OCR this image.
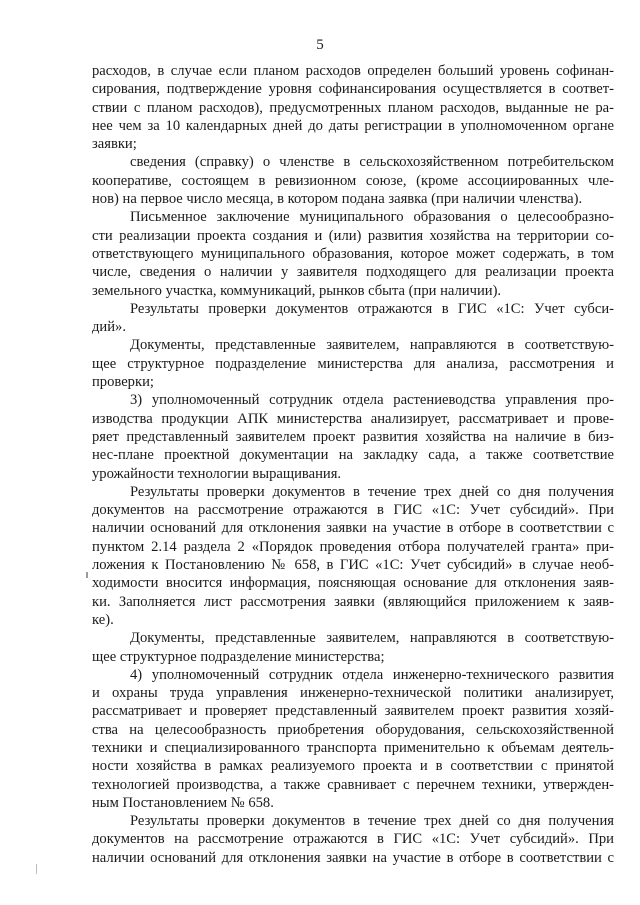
5
расходов, в случае если планом расходов определен больший уровень софинан-
сирования, подтверждение уровня софинансирования осуществляется в соответ-
ствии с планом расходов), предусмотренных планом расходов, выданные не ра-
нее чем за 10 календарных дней до даты регистрации в уполномоченном органе
заявки;
сведения (справку) о членстве в сельскохозяйственном потребительском
кооперативе, состоящем в ревизионном союзе, (кроме ассоциированных чле-
нов) на первое число месяца, в котором подана заявка (при наличии членства).
Письменное заключение муниципального образования о целесообразно-
сти реализации проекта создания и (или) развития хозяйства на территории со-
ответствующего муниципального образования, которое может содержать, в том
числе, сведения о наличии у заявителя подходящего для реализации проекта
земельного участка, коммуникаций, рынков сбыта (при наличии).
Результаты проверки документов отражаются в ГИС «1С: Учет субси-
дий».
Документы, представленные заявителем, направляются в соответствую-
щее структурное подразделение министерства для анализа, рассмотрения и
проверки;
3) уполномоченный сотрудник отдела растениеводства управления про-
изводства продукции АПК министерства анализирует, рассматривает и прове-
ряет представленный заявителем проект развития хозяйства на наличие в биз-
нес-плане проектной документации на закладку сада, а также соответствие
урожайности технологии выращивания.
Результаты проверки документов в течение трех дней со дня получения
документов на рассмотрение отражаются в ГИС «1С: Учет субсидий». При
наличии оснований для отклонения заявки на участие в отборе в соответствии с
пунктом 2.14 раздела 2 «Порядок проведения отбора получателей гранта» при-
ложения к Постановлению № 658, в ГИС «1С: Учет субсидий» в случае необ-
ходимости вносится информация, поясняющая основание для отклонения заяв-
ки. Заполняется лист рассмотрения заявки (являющийся приложением к заяв-
ке).
Документы, представленные заявителем, направляются в соответствую-
щее структурное подразделение министерства;
4) уполномоченный сотрудник отдела инженерно-технического развития
и охраны труда управления инженерно-технической политики анализирует,
рассматривает и проверяет представленный заявителем проект развития хозяй-
ства на целесообразность приобретения оборудования, сельскохозяйственной
техники и специализированного транспорта применительно к объемам деятель-
ности хозяйства в рамках реализуемого проекта и в соответствии с принятой
технологией производства, а также сравнивает с перечнем техники, утвержден-
ным Постановлением № 658.
Результаты проверки документов в течение трех дней со дня получения
документов на рассмотрение отражаются в ГИС «1С: Учет субсидий». При
наличии оснований для отклонения заявки на участие в отборе в соответствии с
